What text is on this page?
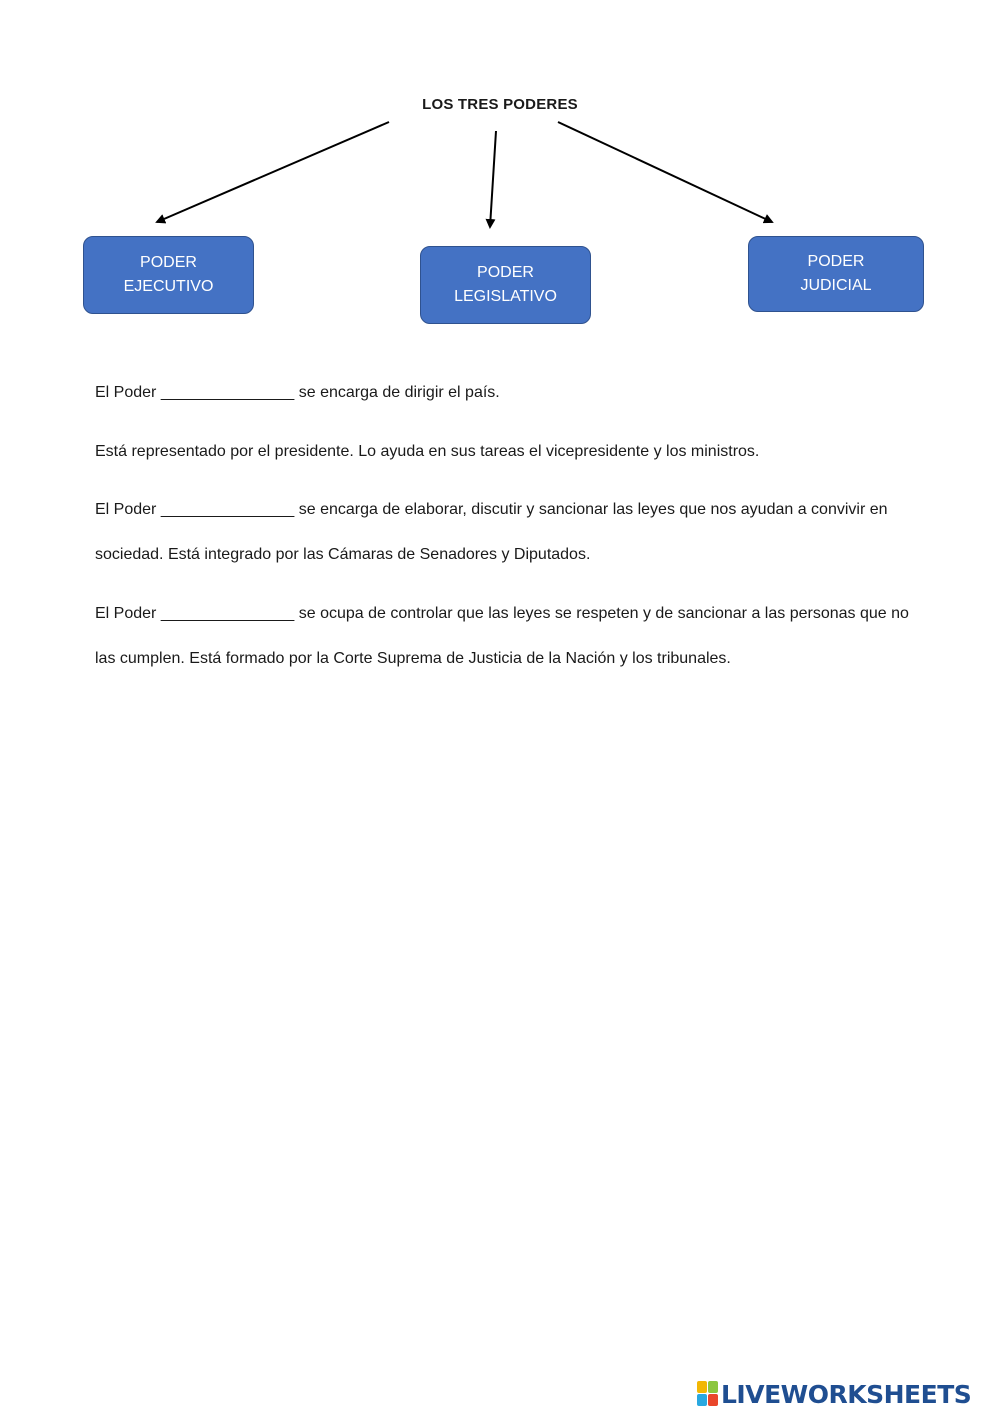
LOS TRES PODERES
PODER
EJECUTIVO
PODER
LEGISLATIVO
PODER
JUDICIAL

El Poder _______________ se encarga de dirigir el país.

Está representado por el presidente. Lo ayuda en sus tareas el vicepresidente y los ministros.

El Poder _______________ se encarga de elaborar, discutir y sancionar las leyes que nos ayudan a convivir en sociedad. Está integrado por las Cámaras de Senadores y Diputados.

El Poder _______________ se ocupa de controlar que las leyes se respeten y de sancionar a las personas que no las cumplen. Está formado por la Corte Suprema de Justicia de la Nación y los tribunales.

LIVEWORKSHEETS
